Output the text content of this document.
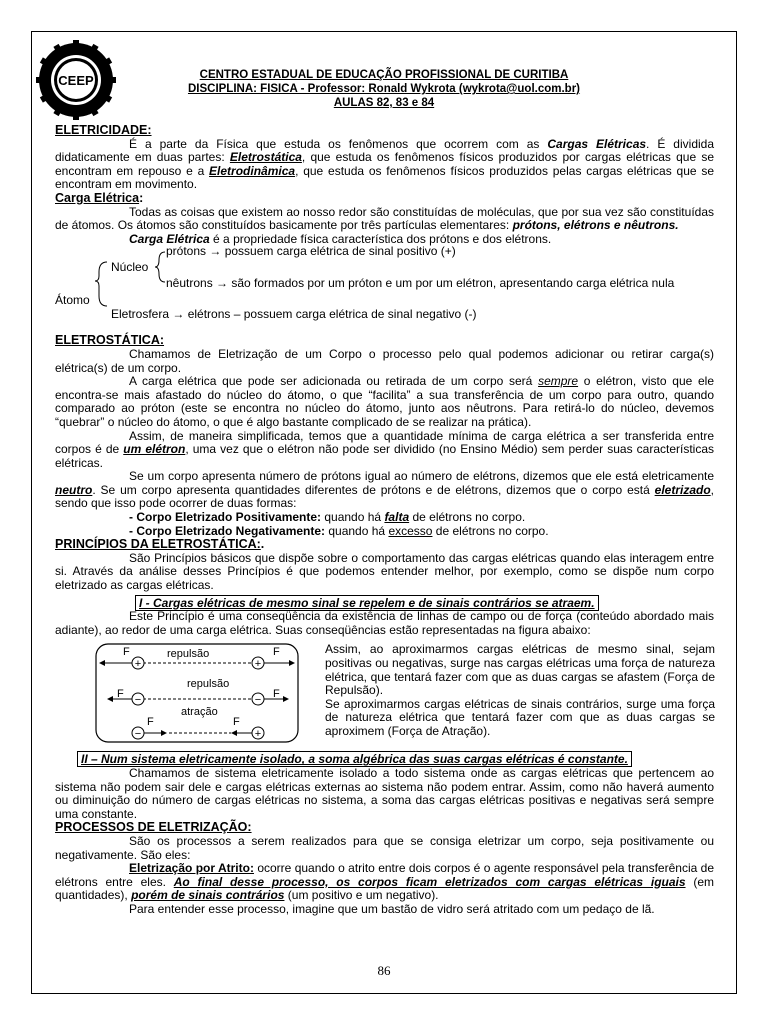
CEEP	CENTRO ESTADUAL DE EDUCAÇÃO PROFISSIONAL DE CURITIBA
DISCIPLINA: FISICA - Professor: Ronald Wykrota (wykrota@uol.com.br)
AULAS 82, 83 e 84

ELETRICIDADE:

É a parte da Física que estuda os fenômenos que ocorrem com as Cargas Elétricas. É dividida didaticamente em duas partes: Eletrostática, que estuda os fenômenos físicos produzidos por cargas elétricas que se encontram em repouso e a Eletrodinâmica, que estuda os fenômenos físicos produzidos pelas cargas elétricas que se encontram em movimento.

Carga Elétrica:

Todas as coisas que existem ao nosso redor são constituídas de moléculas, que por sua vez são constituídas de átomos. Os átomos são constituídos basicamente por três partículas elementares: prótons, elétrons e nêutrons.

Carga Elétrica é a propriedade física característica dos prótons e dos elétrons.

prótons → possuem carga elétrica de sinal positivo (+)
Núcleo
nêutrons → são formados por um próton e um por um elétron, apresentando carga elétrica nula
Átomo
Eletrosfera → elétrons – possuem carga elétrica de sinal negativo (-)

ELETROSTÁTICA:

Chamamos de Eletrização de um Corpo o processo pelo qual podemos adicionar ou retirar carga(s) elétrica(s) de um corpo.

A carga elétrica que pode ser adicionada ou retirada de um corpo será sempre o elétron, visto que ele encontra-se mais afastado do núcleo do átomo, o que “facilita” a sua transferência de um corpo para outro, quando comparado ao próton (este se encontra no núcleo do átomo, junto aos nêutrons. Para retirá-lo do núcleo, devemos “quebrar” o núcleo do átomo, o que é algo bastante complicado de se realizar na prática).

Assim, de maneira simplificada, temos que a quantidade mínima de carga elétrica a ser transferida entre corpos é de um elétron, uma vez que o elétron não pode ser dividido (no Ensino Médio) sem perder suas características elétricas.

Se um corpo apresenta número de prótons igual ao número de elétrons, dizemos que ele está eletricamente neutro. Se um corpo apresenta quantidades diferentes de prótons e de elétrons, dizemos que o corpo está eletrizado, sendo que isso pode ocorrer de duas formas:

- Corpo Eletrizado Positivamente: quando há falta de elétrons no corpo.

- Corpo Eletrizado Negativamente: quando há excesso de elétrons no corpo.

PRINCÍPIOS DA ELETROSTÁTICA:.

São Princípios básicos que dispõe sobre o comportamento das cargas elétricas quando elas interagem entre si. Através da análise desses Princípios é que podemos entender melhor, por exemplo, como se dispõe num corpo eletrizado as cargas elétricas.

I - Cargas elétricas de mesmo sinal se repelem e de sinais contrários se atraem.

Este Princípio é uma conseqüência da existência de linhas de campo ou de força (conteúdo abordado mais adiante), ao redor de uma carga elétrica. Suas conseqüências estão representadas na figura abaixo:

+	+
F	F
repulsão
repulsão
−	−
F	F
atração
−	+
F	F

Assim, ao aproximarmos cargas elétricas de mesmo sinal, sejam positivas ou negativas, surge nas cargas elétricas uma força de natureza elétrica, que tentará fazer com que as duas cargas se afastem (Força de Repulsão).

Se aproximarmos cargas elétricas de sinais contrários, surge uma força de natureza elétrica que tentará fazer com que as duas cargas se aproximem (Força de Atração).

II – Num sistema eletricamente isolado, a soma algébrica das suas cargas elétricas é constante.

Chamamos de sistema eletricamente isolado a todo sistema onde as cargas elétricas que pertencem ao sistema não podem sair dele e cargas elétricas externas ao sistema não podem entrar. Assim, como não haverá aumento ou diminuição do número de cargas elétricas no sistema, a soma das cargas elétricas positivas e negativas será sempre uma constante.

PROCESSOS DE ELETRIZAÇÃO:

São os processos a serem realizados para que se consiga eletrizar um corpo, seja positivamente ou negativamente. São eles:

Eletrização por Atrito: ocorre quando o atrito entre dois corpos é o agente responsável pela transferência de elétrons entre eles. Ao final desse processo, os corpos ficam eletrizados com cargas elétricas iguais (em quantidades), porém de sinais contrários (um positivo e um negativo).

Para entender esse processo, imagine que um bastão de vidro será atritado com um pedaço de lã.

86
